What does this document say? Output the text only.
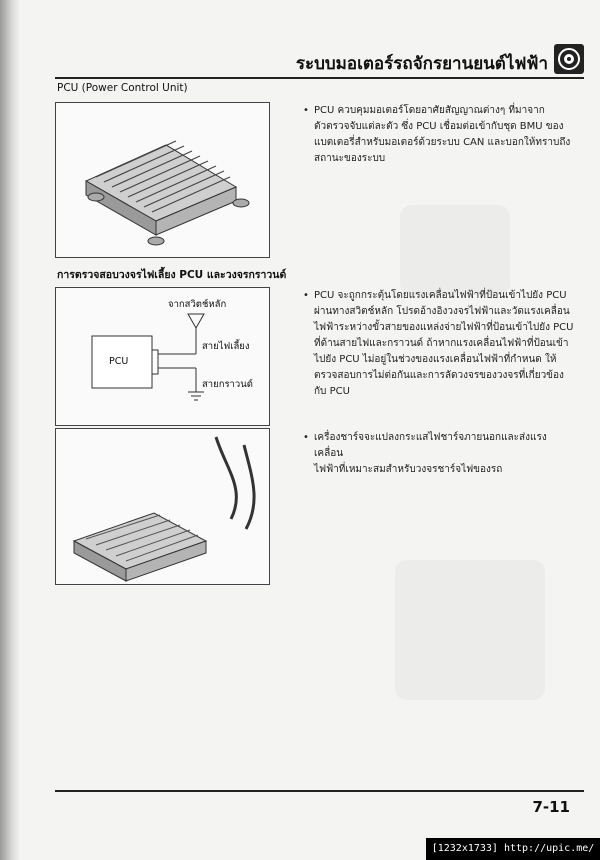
ระบบมอเตอร์รถจักรยานยนต์ไฟฟ้า
PCU (Power Control Unit)
การตรวจสอบวงจรไฟเลี้ยง PCU และวงจรกราวนด์
จากสวิตช์หลัก
สายไฟเลี้ยง
สายกราวนด์
PCU
• PCU ควบคุมมอเตอร์โดยอาศัยสัญญาณต่างๆ ที่มาจาก
ตัวตรวจจับแต่ละตัว ซึ่ง PCU เชื่อมต่อเข้ากับชุด BMU ของ
แบตเตอรี่สำหรับมอเตอร์ด้วยระบบ CAN และบอกให้ทราบถึง
สถานะของระบบ
• PCU จะถูกกระตุ้นโดยแรงเคลื่อนไฟฟ้าที่ป้อนเข้าไปยัง PCU
ผ่านทางสวิตช์หลัก โปรดอ้างอิงวงจรไฟฟ้าและวัดแรงเคลื่อน
ไฟฟ้าระหว่างขั้วสายของแหล่งจ่ายไฟฟ้าที่ป้อนเข้าไปยัง PCU
ที่ด้านสายไฟและกราวนด์ ถ้าหากแรงเคลื่อนไฟฟ้าที่ป้อนเข้า
ไปยัง PCU ไม่อยู่ในช่วงของแรงเคลื่อนไฟฟ้าที่กำหนด ให้
ตรวจสอบการไม่ต่อกันและการลัดวงจรของวงจรที่เกี่ยวข้อง
กับ PCU
• เครื่องชาร์จจะแปลงกระแสไฟชาร์จภายนอกและส่งแรงเคลื่อน
ไฟฟ้าที่เหมาะสมสำหรับวงจรชาร์จไฟของรถ
7-11
[1232x1733] http://upic.me/
